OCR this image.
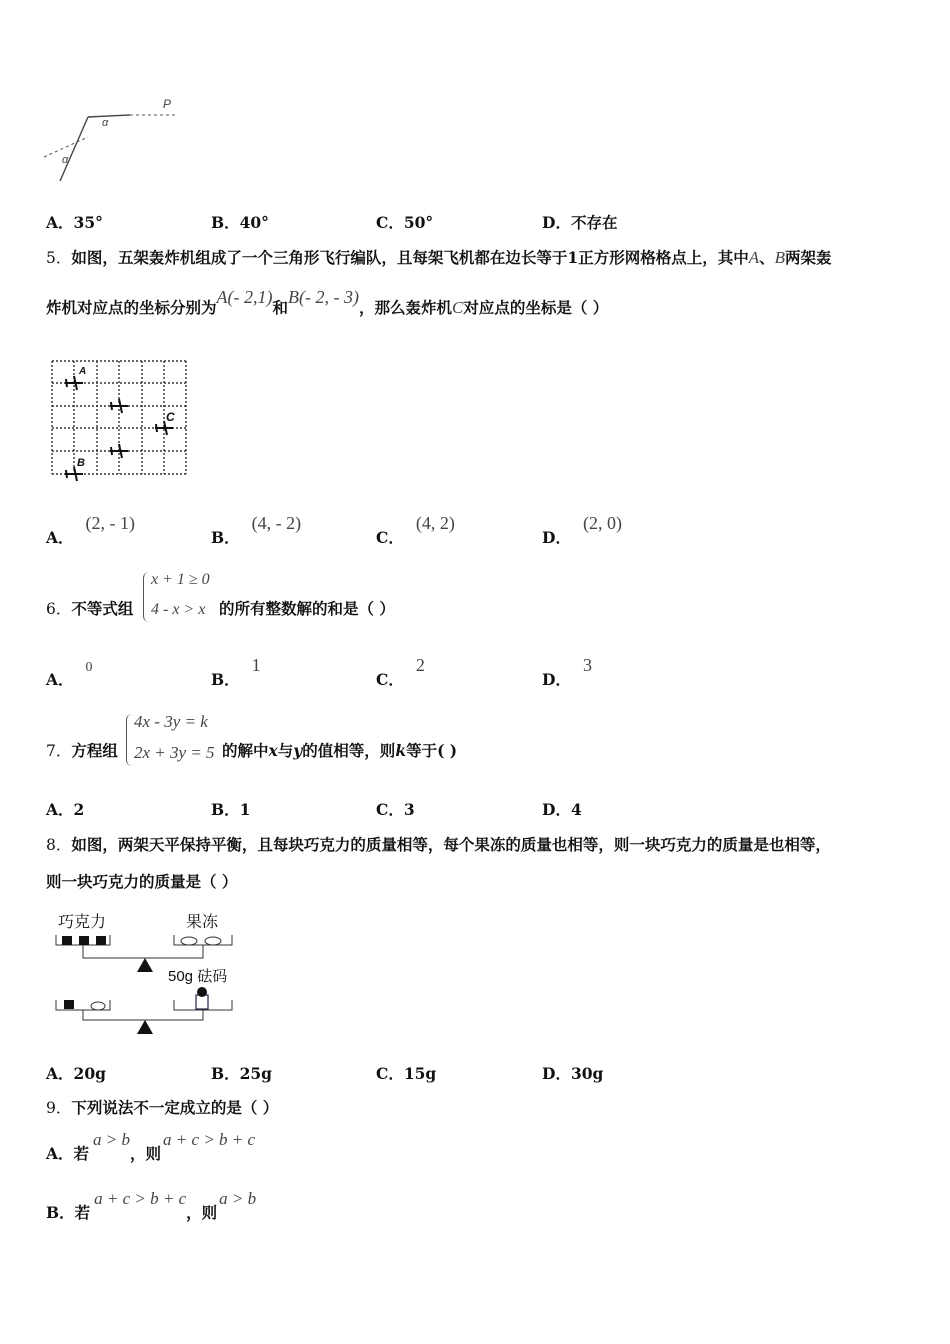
P
α
α
A．35°	B．40°	C．50°	D．不存在
5．如图，五架轰炸机组成了一个三角形飞行编队，且每架飞机都在边长等于1正方形网格格点上，其中A、B两架轰
炸机对应点的坐标分别为A(- 2,1)和B(- 2, - 3)，那么轰炸机C对应点的坐标是（ ）
A
C
B
A．(2, - 1)
B．(4, - 2)
C．(4, 2)
D．(2, 0)
6．不等式组
x + 1 ≥ 0
4 - x > x 的所有整数解的和是（ ）
A．0
B．1
C．2
D．3
7．方程组
4x - 3y = k
2x + 3y = 5 的解中x与y的值相等，则k等于( )
A．2	B．1	C．3	D．4
8．如图，两架天平保持平衡，且每块巧克力的质量相等，每个果冻的质量也相等，则一块巧克力的质量是也相等，
则一块巧克力的质量是（ ）
巧克力	果冻
50g 砝码
A．20g	B．25g	C．15g	D．30g
9．下列说法不一定成立的是（ ）
A．若a > b，则a + c > b + c
B．若a + c > b + c，则a > b
